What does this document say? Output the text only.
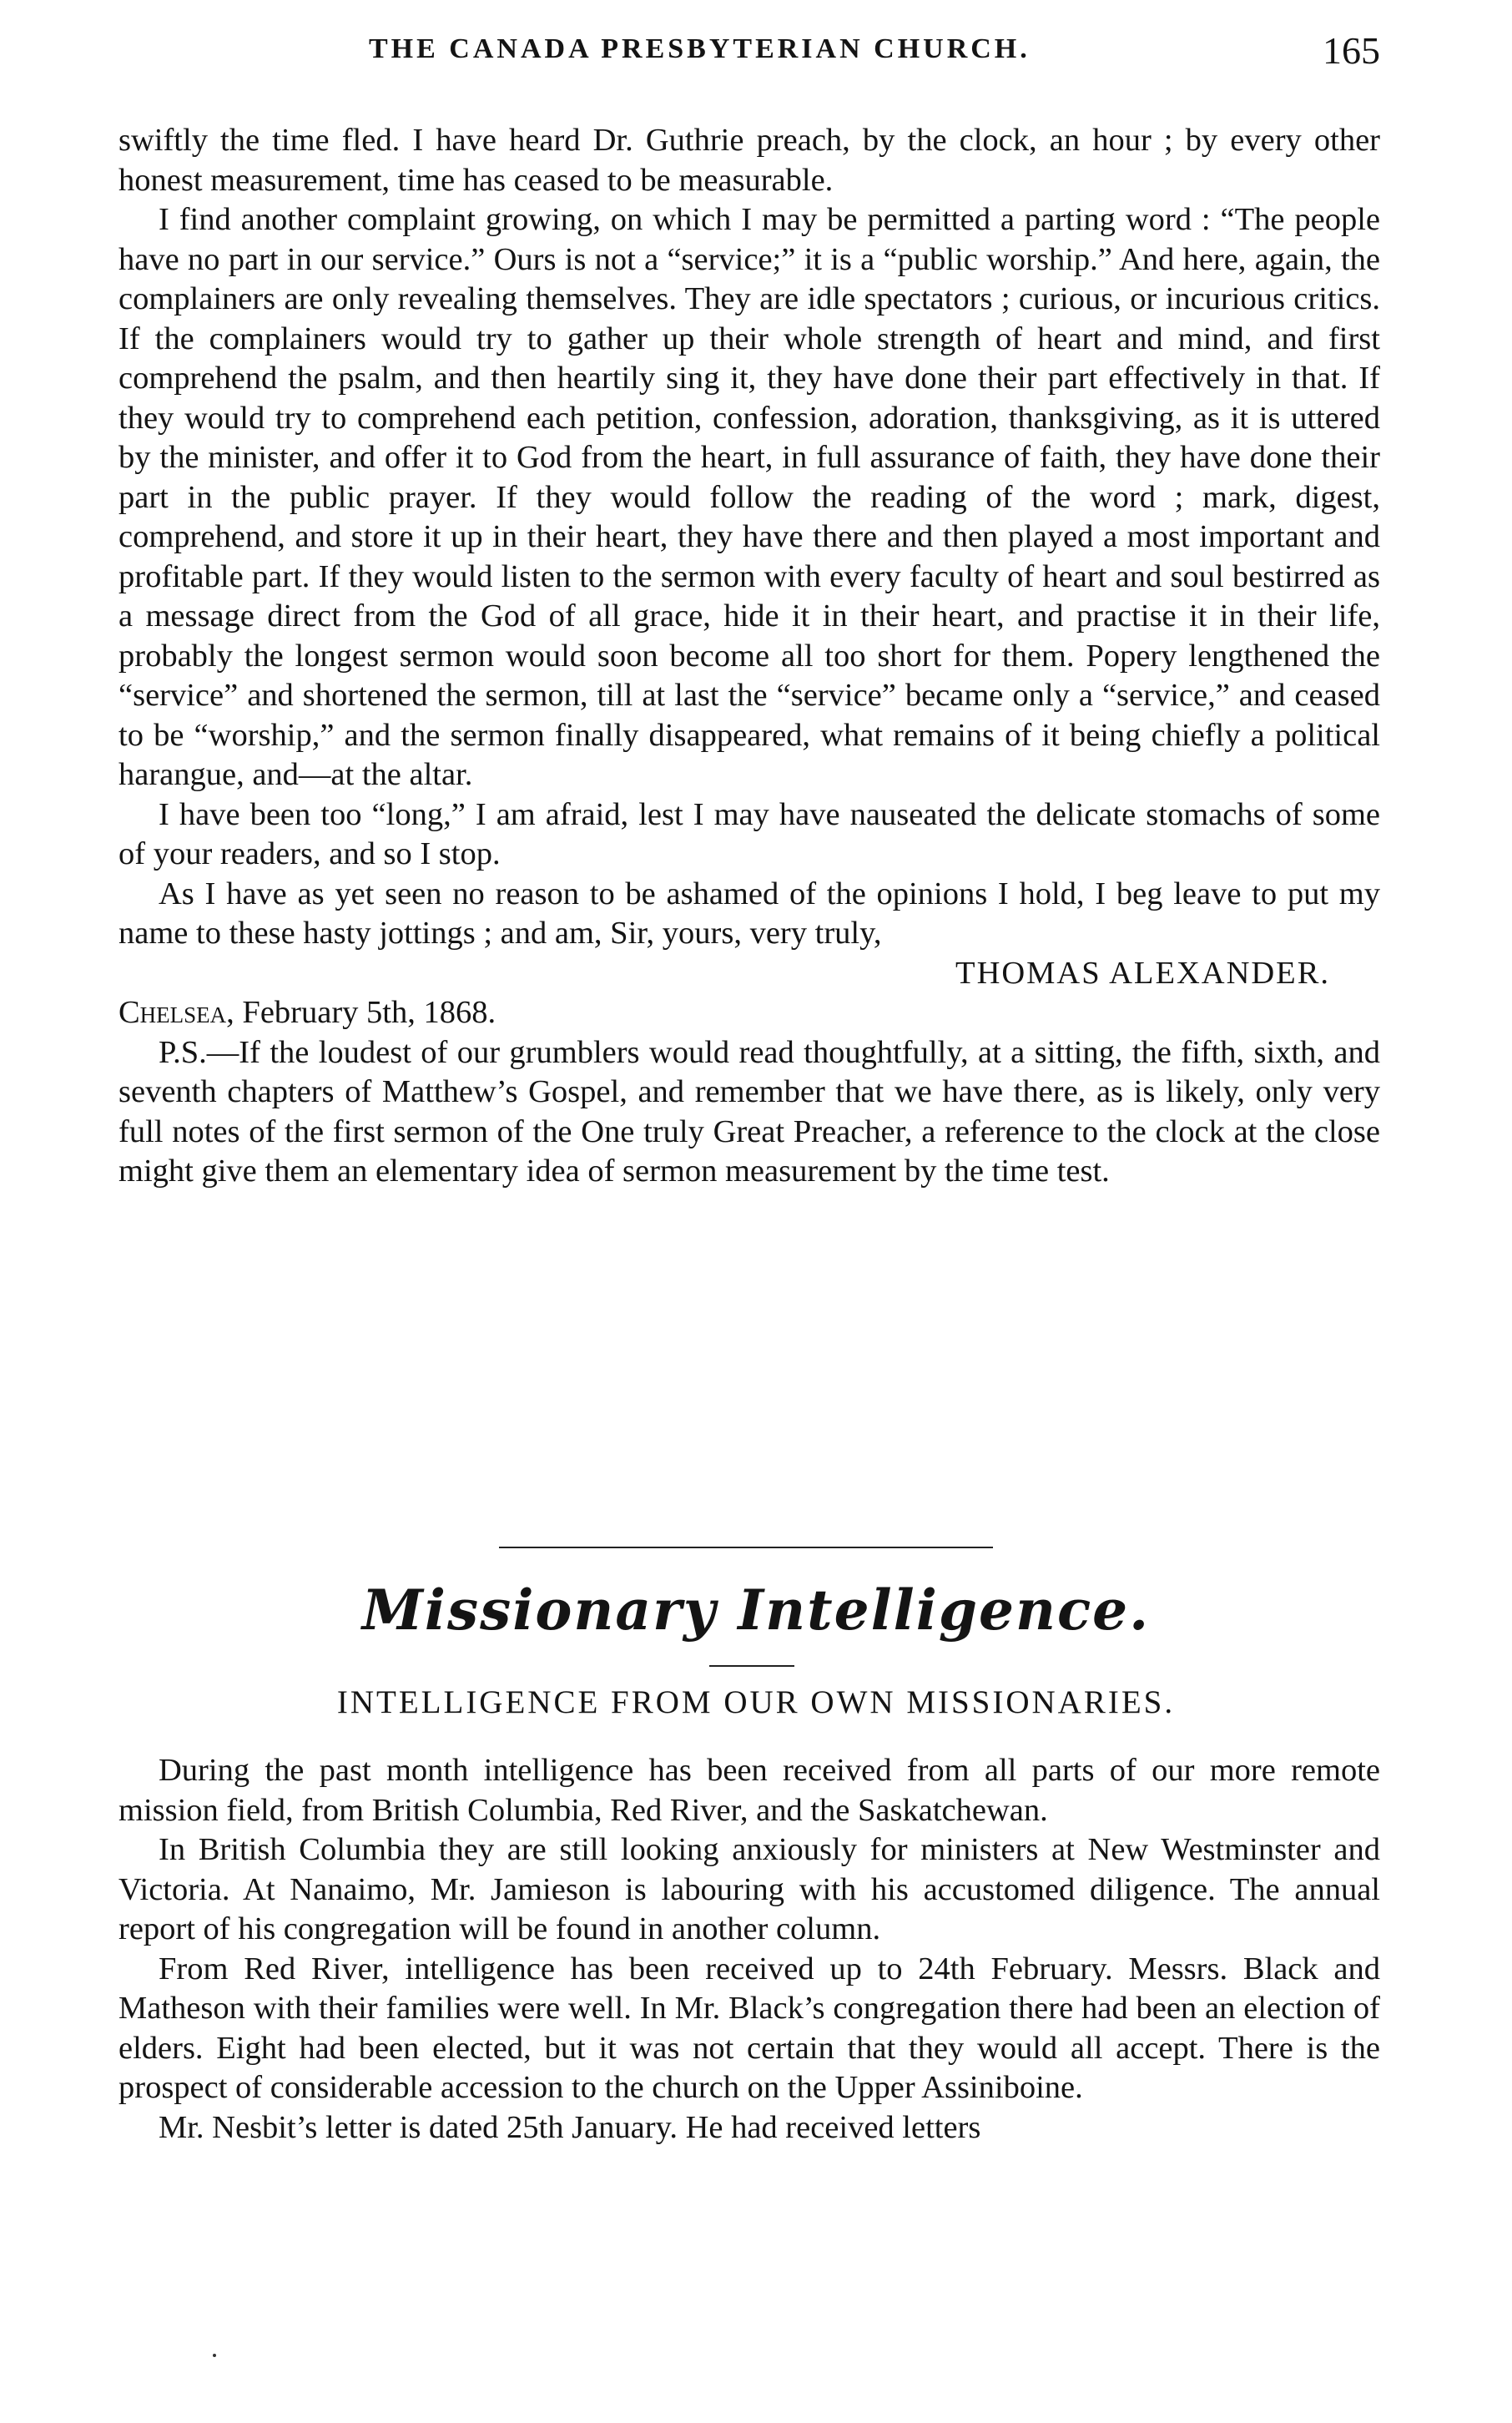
THE CANADA PRESBYTERIAN CHURCH.	165

swiftly the time fled. I have heard Dr. Guthrie preach, by the clock, an hour ; by every other honest measurement, time has ceased to be measurable.

I find another complaint growing, on which I may be permitted a parting word : “The people have no part in our service.” Ours is not a “service;” it is a “public worship.” And here, again, the complainers are only revealing themselves. They are idle spectators ; curious, or incurious critics. If the complainers would try to gather up their whole strength of heart and mind, and first comprehend the psalm, and then heartily sing it, they have done their part effectively in that. If they would try to comprehend each petition, confession, adoration, thanksgiving, as it is uttered by the minister, and offer it to God from the heart, in full assurance of faith, they have done their part in the public prayer. If they would follow the reading of the word ; mark, digest, comprehend, and store it up in their heart, they have there and then played a most important and profitable part. If they would listen to the sermon with every faculty of heart and soul bestirred as a message direct from the God of all grace, hide it in their heart, and practise it in their life, probably the longest sermon would soon become all too short for them. Popery lengthened the “service” and shortened the sermon, till at last the “service” became only a “service,” and ceased to be “worship,” and the sermon finally disappeared, what remains of it being chiefly a political harangue, and—at the altar.

I have been too “long,” I am afraid, lest I may have nauseated the delicate stomachs of some of your readers, and so I stop.

As I have as yet seen no reason to be ashamed of the opinions I hold, I beg leave to put my name to these hasty jottings ; and am, Sir, yours, very truly,

THOMAS ALEXANDER.

Chelsea, February 5th, 1868.

P.S.—If the loudest of our grumblers would read thoughtfully, at a sitting, the fifth, sixth, and seventh chapters of Matthew’s Gospel, and remember that we have there, as is likely, only very full notes of the first sermon of the One truly Great Preacher, a reference to the clock at the close might give them an elementary idea of sermon measurement by the time test.

Missionary Intelligence.
INTELLIGENCE FROM OUR OWN MISSIONARIES.

During the past month intelligence has been received from all parts of our more remote mission field, from British Columbia, Red River, and the Saskatchewan.

In British Columbia they are still looking anxiously for ministers at New Westminster and Victoria. At Nanaimo, Mr. Jamieson is labouring with his accustomed diligence. The annual report of his congregation will be found in another column.

From Red River, intelligence has been received up to 24th February. Messrs. Black and Matheson with their families were well. In Mr. Black’s congregation there had been an election of elders. Eight had been elected, but it was not certain that they would all accept. There is the prospect of considerable accession to the church on the Upper Assiniboine.

Mr. Nesbit’s letter is dated 25th January. He had received letters
